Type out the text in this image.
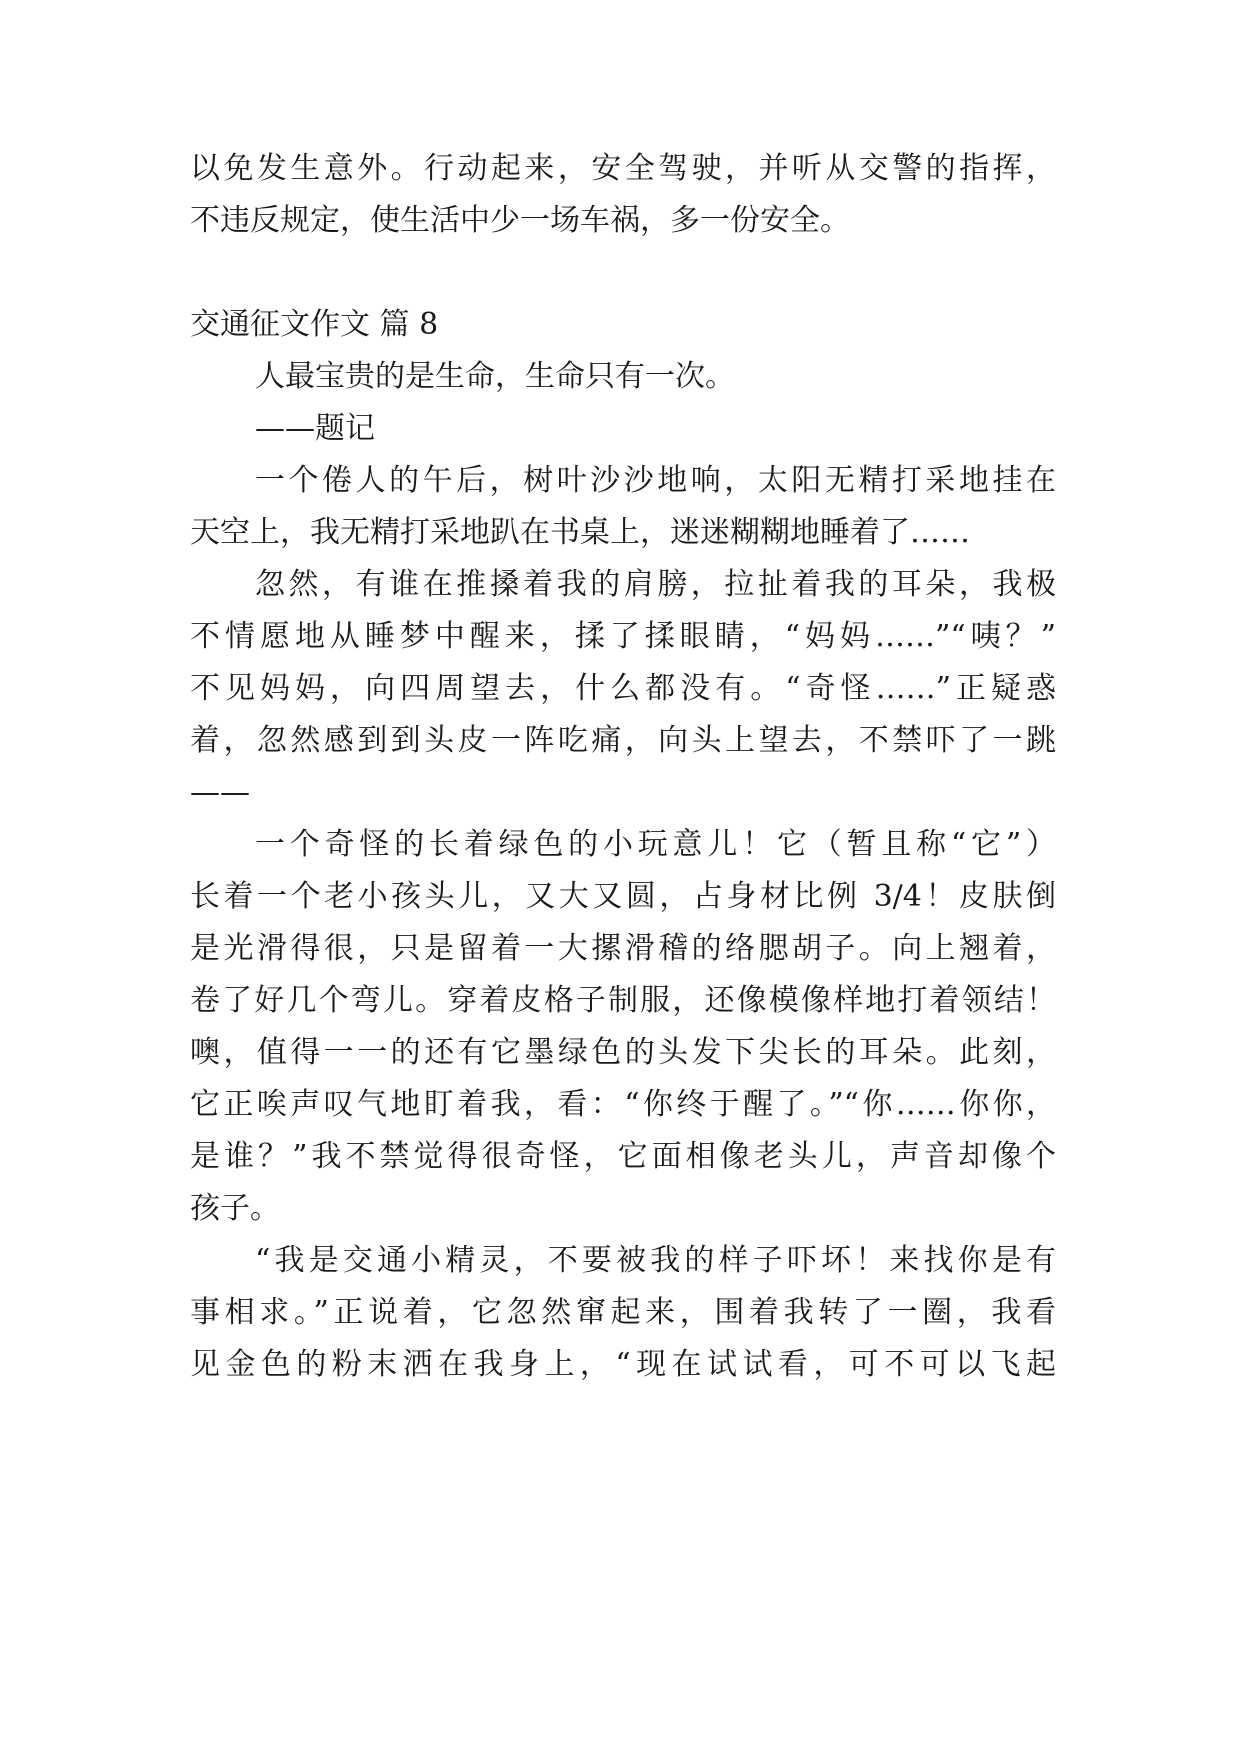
以免发生意外。行动起来，安全驾驶，并听从交警的指挥，
不违反规定，使生活中少一场车祸，多一份安全。
交通征文作文 篇 8
人最宝贵的是生命，生命只有一次。
——题记
一个倦人的午后，树叶沙沙地响，太阳无精打采地挂在
天空上，我无精打采地趴在书桌上，迷迷糊糊地睡着了……
忽然，有谁在推搡着我的肩膀，拉扯着我的耳朵，我极
不情愿地从睡梦中醒来，揉了揉眼睛，“妈妈……”“咦？”
不见妈妈，向四周望去，什么都没有。“奇怪……”正疑惑
着，忽然感到到头皮一阵吃痛，向头上望去，不禁吓了一跳
——
一个奇怪的长着绿色的小玩意儿！它（暂且称“它”）
长着一个老小孩头儿，又大又圆，占身材比例 3/4！皮肤倒
是光滑得很，只是留着一大摞滑稽的络腮胡子。向上翘着，
卷了好几个弯儿。穿着皮格子制服，还像模像样地打着领结！
噢，值得一一的还有它墨绿色的头发下尖长的耳朵。此刻，
它正唉声叹气地盯着我，看：“你终于醒了。”“你……你你，
是谁？”我不禁觉得很奇怪，它面相像老头儿，声音却像个
孩子。
“我是交通小精灵，不要被我的样子吓坏！来找你是有
事相求。”正说着，它忽然窜起来，围着我转了一圈，我看
见金色的粉末洒在我身上，“现在试试看，可不可以飞起
